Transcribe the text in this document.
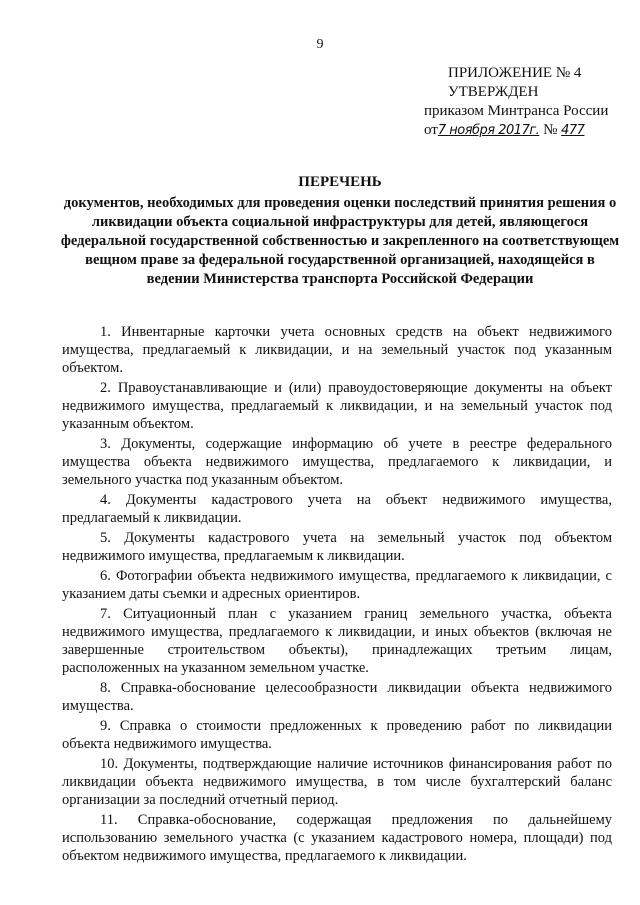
9
ПРИЛОЖЕНИЕ № 4
УТВЕРЖДЕН
приказом Минтранса России
от7 ноября 2017г. № 477
ПЕРЕЧЕНЬ
документов, необходимых для проведения оценки последствий принятия решения о ликвидации объекта социальной инфраструктуры для детей, являющегося федеральной государственной собственностью и закрепленного на соответствующем вещном праве за федеральной государственной организацией, находящейся в ведении Министерства транспорта Российской Федерации

1. Инвентарные карточки учета основных средств на объект недвижимого имущества, предлагаемый к ликвидации, и на земельный участок под указанным объектом.

2. Правоустанавливающие и (или) правоудостоверяющие документы на объект недвижимого имущества, предлагаемый к ликвидации, и на земельный участок под указанным объектом.

3. Документы, содержащие информацию об учете в реестре федерального имущества объекта недвижимого имущества, предлагаемого к ликвидации, и земельного участка под указанным объектом.

4. Документы кадастрового учета на объект недвижимого имущества, предлагаемый к ликвидации.

5. Документы кадастрового учета на земельный участок под объектом недвижимого имущества, предлагаемым к ликвидации.

6. Фотографии объекта недвижимого имущества, предлагаемого к ликвидации, с указанием даты съемки и адресных ориентиров.

7. Ситуационный план с указанием границ земельного участка, объекта недвижимого имущества, предлагаемого к ликвидации, и иных объектов (включая не завершенные строительством объекты), принадлежащих третьим лицам, расположенных на указанном земельном участке.

8. Справка-обоснование целесообразности ликвидации объекта недвижимого имущества.

9. Справка о стоимости предложенных к проведению работ по ликвидации объекта недвижимого имущества.

10. Документы, подтверждающие наличие источников финансирования работ по ликвидации объекта недвижимого имущества, в том числе бухгалтерский баланс организации за последний отчетный период.

11. Справка-обоснование, содержащая предложения по дальнейшему использованию земельного участка (с указанием кадастрового номера, площади) под объектом недвижимого имущества, предлагаемого к ликвидации.
